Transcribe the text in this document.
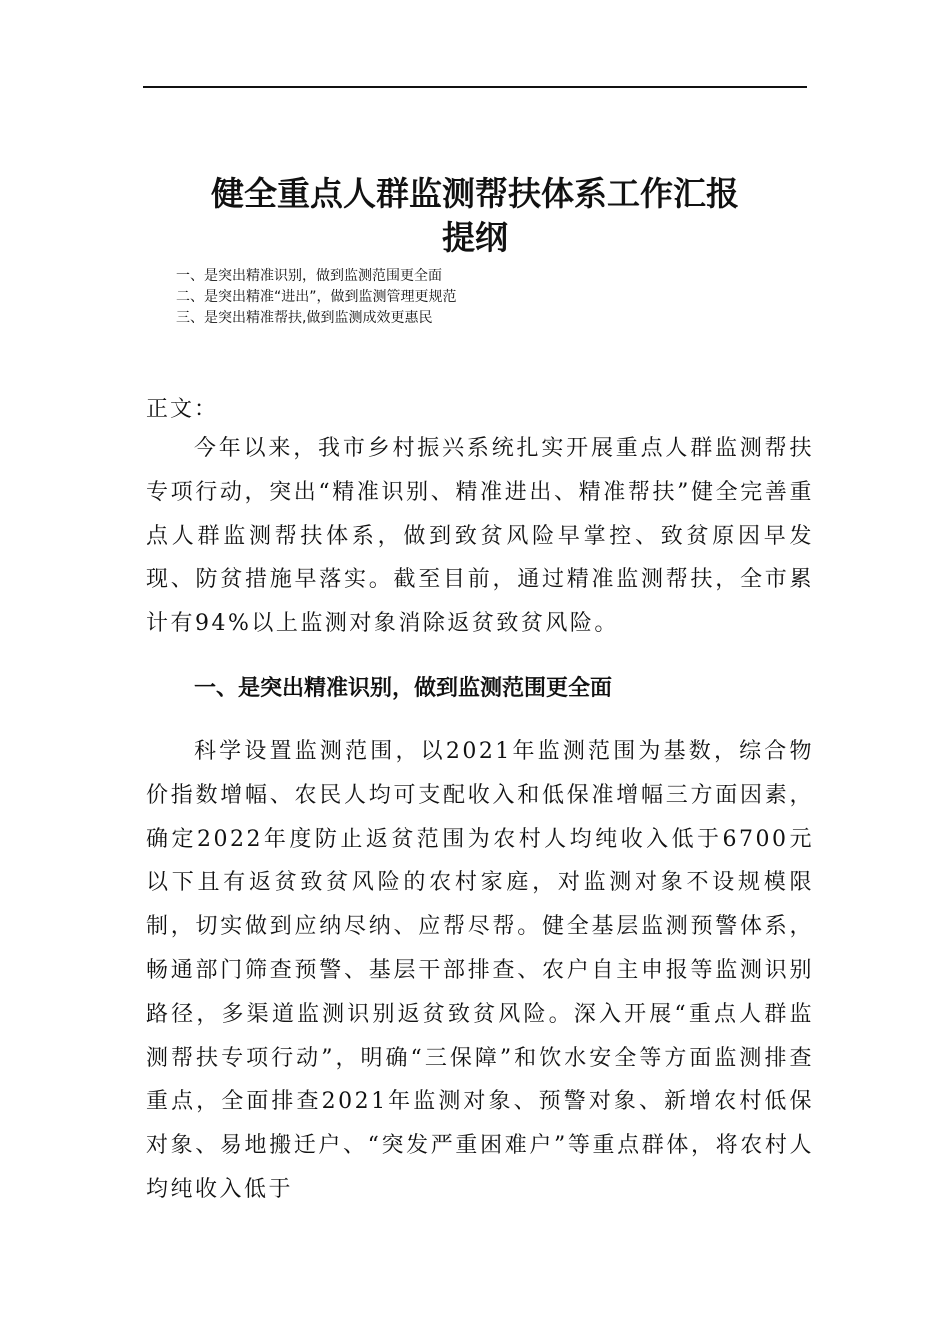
健全重点人群监测帮扶体系工作汇报
提纲
一、是突出精准识别，做到监测范围更全面
二、是突出精准“进出”，做到监测管理更规范
三、是突出精准帮扶,做到监测成效更惠民
正文：

今年以来，我市乡村振兴系统扎实开展重点人群监测帮扶专项行动，突出“精准识别、精准进出、精准帮扶”健全完善重点人群监测帮扶体系，做到致贫风险早掌控、致贫原因早发现、防贫措施早落实。截至目前，通过精准监测帮扶，全市累计有94%以上监测对象消除返贫致贫风险。

一、是突出精准识别，做到监测范围更全面

科学设置监测范围，以2021年监测范围为基数，综合物价指数增幅、农民人均可支配收入和低保准增幅三方面因素，确定2022年度防止返贫范围为农村人均纯收入低于6700元以下且有返贫致贫风险的农村家庭，对监测对象不设规模限制，切实做到应纳尽纳、应帮尽帮。健全基层监测预警体系，畅通部门筛查预警、基层干部排查、农户自主申报等监测识别路径，多渠道监测识别返贫致贫风险。深入开展“重点人群监测帮扶专项行动”，明确“三保障”和饮水安全等方面监测排查重点，全面排查2021年监测对象、预警对象、新增农村低保对象、易地搬迁户、“突发严重困难户”等重点群体，将农村人均纯收入低于
